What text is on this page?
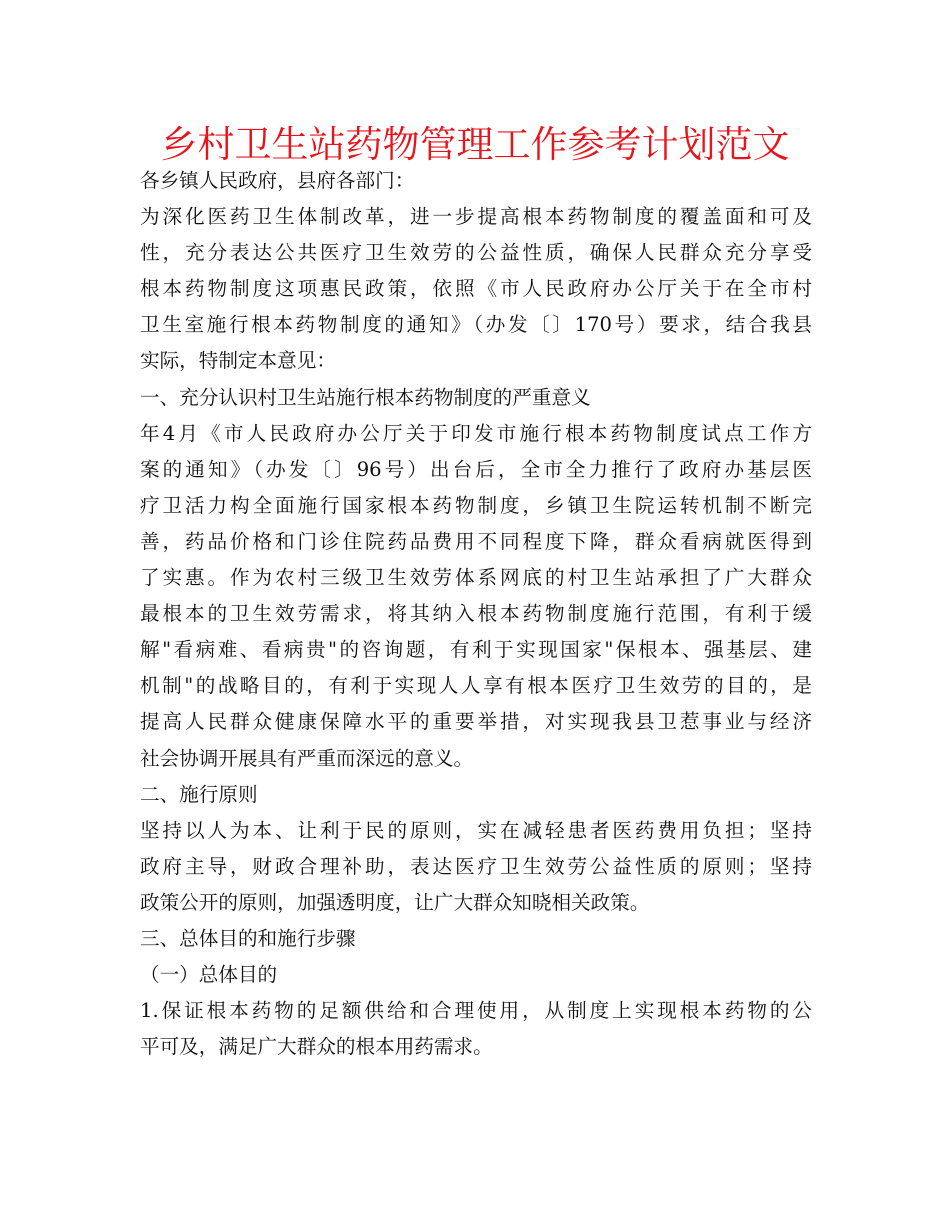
乡村卫生站药物管理工作参考计划范文
各乡镇人民政府，县府各部门：
为深化医药卫生体制改革，进一步提高根本药物制度的覆盖面和可及
性，充分表达公共医疗卫生效劳的公益性质，确保人民群众充分享受
根本药物制度这项惠民政策，依照《市人民政府办公厅关于在全市村
卫生室施行根本药物制度的通知》（办发〔〕170号）要求，结合我县
实际，特制定本意见：
一、充分认识村卫生站施行根本药物制度的严重意义
年4月《市人民政府办公厅关于印发市施行根本药物制度试点工作方
案的通知》（办发〔〕96号）出台后，全市全力推行了政府办基层医
疗卫活力构全面施行国家根本药物制度，乡镇卫生院运转机制不断完
善，药品价格和门诊住院药品费用不同程度下降，群众看病就医得到
了实惠。作为农村三级卫生效劳体系网底的村卫生站承担了广大群众
最根本的卫生效劳需求，将其纳入根本药物制度施行范围，有利于缓
解"看病难、看病贵"的咨询题，有利于实现国家"保根本、强基层、建
机制"的战略目的，有利于实现人人享有根本医疗卫生效劳的目的，是
提高人民群众健康保障水平的重要举措，对实现我县卫惹事业与经济
社会协调开展具有严重而深远的意义。
二、施行原则
坚持以人为本、让利于民的原则，实在减轻患者医药费用负担；坚持
政府主导，财政合理补助，表达医疗卫生效劳公益性质的原则；坚持
政策公开的原则，加强透明度，让广大群众知晓相关政策。
三、总体目的和施行步骤
（一）总体目的
1.保证根本药物的足额供给和合理使用，从制度上实现根本药物的公
平可及，满足广大群众的根本用药需求。
